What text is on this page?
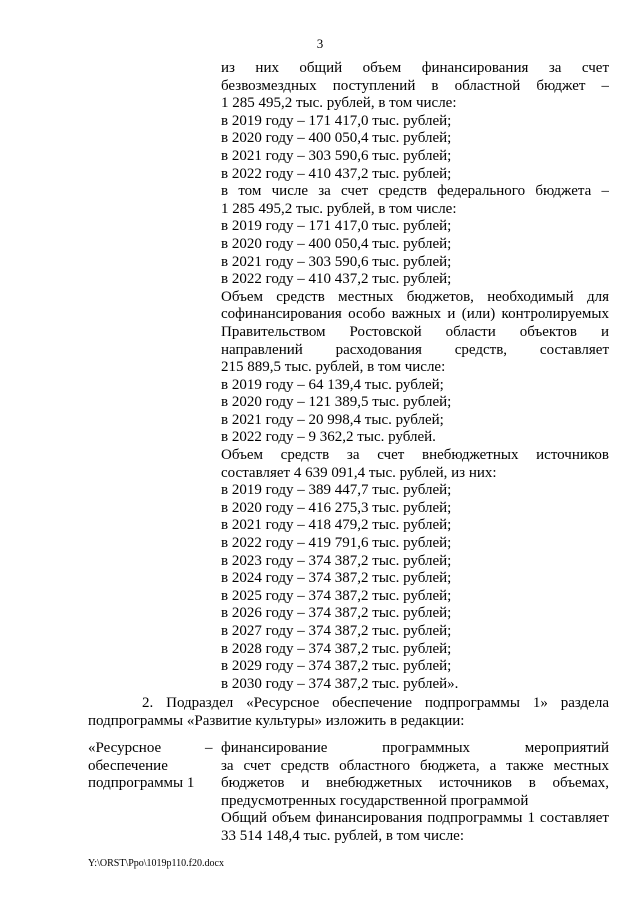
3
из них общий объем финансирования за счет
безвозмездных поступлений в областной бюджет –
1 285 495,2 тыс. рублей, в том числе:
в 2019 году – 171 417,0 тыс. рублей;
в 2020 году – 400 050,4 тыс. рублей;
в 2021 году – 303 590,6 тыс. рублей;
в 2022 году – 410 437,2 тыс. рублей;
в том числе за счет средств федерального бюджета –
1 285 495,2 тыс. рублей, в том числе:
в 2019 году – 171 417,0 тыс. рублей;
в 2020 году – 400 050,4 тыс. рублей;
в 2021 году – 303 590,6 тыс. рублей;
в 2022 году – 410 437,2 тыс. рублей;
Объем средств местных бюджетов, необходимый для
софинансирования особо важных и (или) контролируемых
Правительством Ростовской области объектов и
направлений расходования средств, составляет
215 889,5 тыс. рублей, в том числе:
в 2019 году – 64 139,4 тыс. рублей;
в 2020 году – 121 389,5 тыс. рублей;
в 2021 году – 20 998,4 тыс. рублей;
в 2022 году – 9 362,2 тыс. рублей.
Объем средств за счет внебюджетных источников
составляет 4 639 091,4 тыс. рублей, из них:
в 2019 году – 389 447,7 тыс. рублей;
в 2020 году – 416 275,3 тыс. рублей;
в 2021 году – 418 479,2 тыс. рублей;
в 2022 году – 419 791,6 тыс. рублей;
в 2023 году – 374 387,2 тыс. рублей;
в 2024 году – 374 387,2 тыс. рублей;
в 2025 году – 374 387,2 тыс. рублей;
в 2026 году – 374 387,2 тыс. рублей;
в 2027 году – 374 387,2 тыс. рублей;
в 2028 году – 374 387,2 тыс. рублей;
в 2029 году – 374 387,2 тыс. рублей;
в 2030 году – 374 387,2 тыс. рублей».
2. Подраздел «Ресурсное обеспечение подпрограммы 1» раздела
подпрограммы «Развитие культуры» изложить в редакции:
«Ресурсное
обеспечение
подпрограммы 1
– финансирование программных мероприятий
за счет средств областного бюджета, а также местных
бюджетов и внебюджетных источников в объемах,
предусмотренных государственной программой
Общий объем финансирования подпрограммы 1 составляет
33 514 148,4 тыс. рублей, в том числе:
Y:\ORST\Ppo\1019p110.f20.docx
